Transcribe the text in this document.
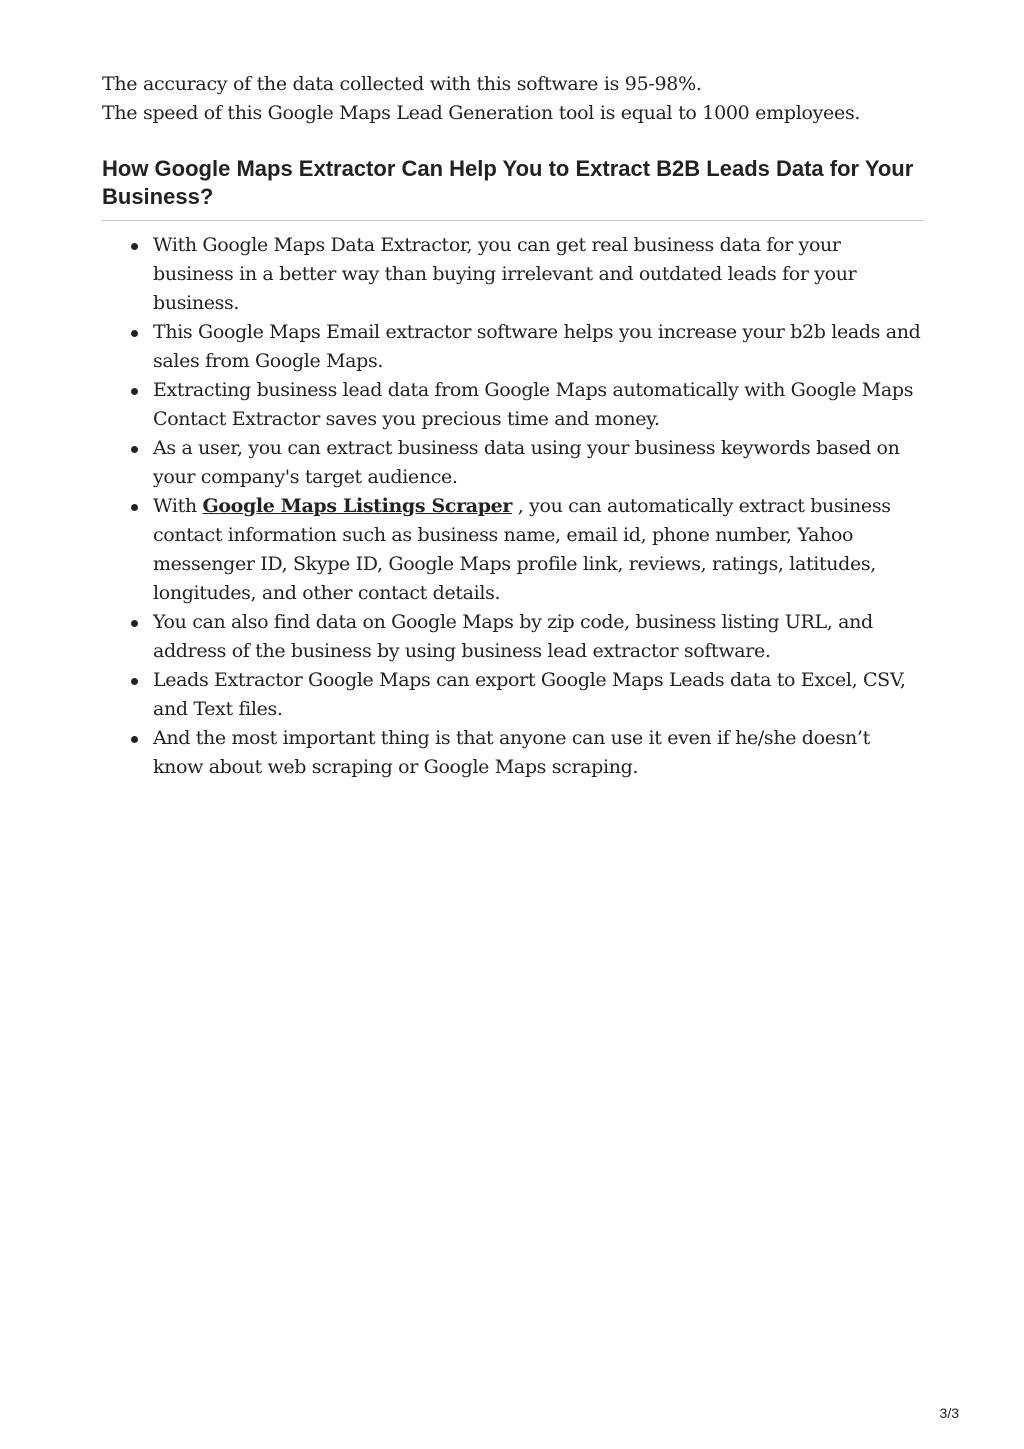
The accuracy of the data collected with this software is 95-98%.

The speed of this Google Maps Lead Generation tool is equal to 1000 employees.

How Google Maps Extractor Can Help You to Extract B2B Leads Data for Your Business?
With Google Maps Data Extractor, you can get real business data for your business in a better way than buying irrelevant and outdated leads for your business.
This Google Maps Email extractor software helps you increase your b2b leads and sales from Google Maps.
Extracting business lead data from Google Maps automatically with Google Maps Contact Extractor saves you precious time and money.
As a user, you can extract business data using your business keywords based on your company's target audience.
With Google Maps Listings Scraper , you can automatically extract business contact information such as business name, email id, phone number, Yahoo messenger ID, Skype ID, Google Maps profile link, reviews, ratings, latitudes, longitudes, and other contact details.
You can also find data on Google Maps by zip code, business listing URL, and address of the business by using business lead extractor software.
Leads Extractor Google Maps can export Google Maps Leads data to Excel, CSV, and Text files.
And the most important thing is that anyone can use it even if he/she doesn’t know about web scraping or Google Maps scraping.
3/3
